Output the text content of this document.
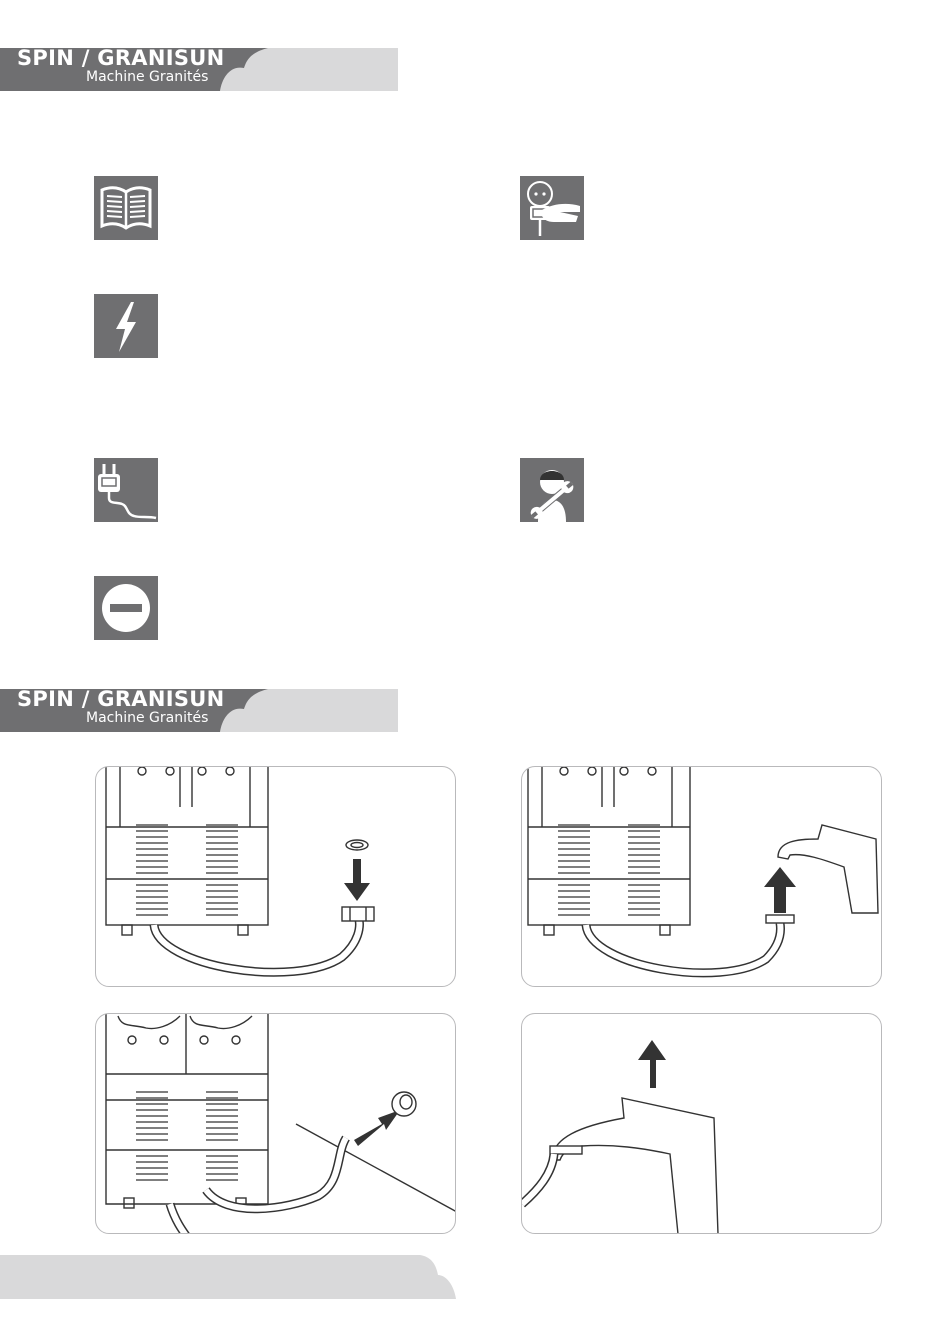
SPIN / GRANISUN
Machine Granités
SPIN / GRANISUN
Machine Granités
